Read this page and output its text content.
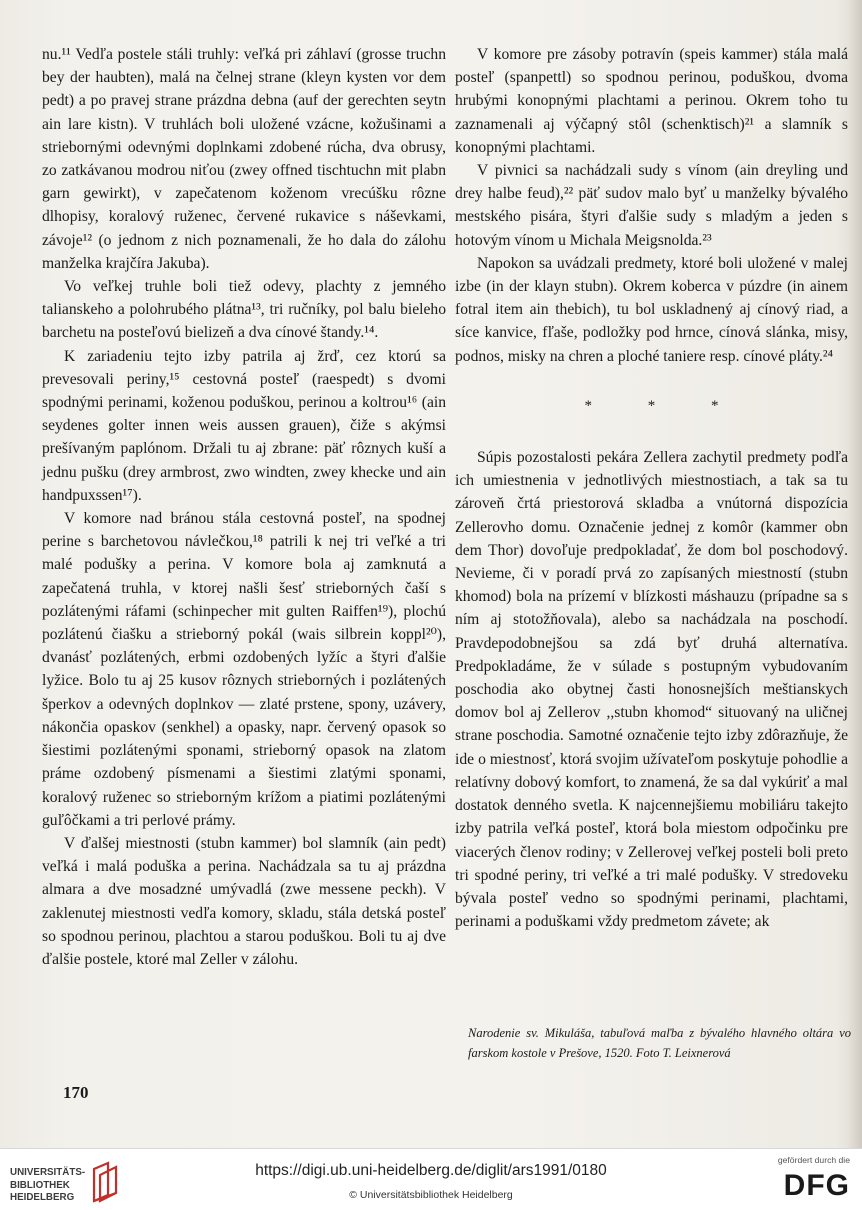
nu.¹¹ Vedľa postele stáli truhly: veľká pri záhlaví (grosse truchn bey der haubten), malá na čelnej strane (kleyn kysten vor dem pedt) a po pravej strane prázdna debna (auf der gerechten seytn ain lare kistn). V truhlách boli uložené vzácne, kožušinami a striebornými odevnými doplnkami zdobené rúcha, dva obrusy, zo zatkávanou modrou niťou (zwey offned tischtuchn mit plabn garn gewirkt), v zapečatenom koženom vrecúšku rôzne dlhopisy, koralový ruženec, červené rukavice s náševkami, závoje¹² (o jednom z nich poznamenali, že ho dala do zálohu manželka krajčíra Jakuba).

Vo veľkej truhle boli tiež odevy, plachty z jemného talianskeho a polohrubého plátna¹³, tri ručníky, pol balu bieleho barchetu na posteľovú bielizeň a dva cínové štandy.¹⁴.

K zariadeniu tejto izby patrila aj žrď, cez ktorú sa prevesovali periny,¹⁵ cestovná posteľ (raespedt) s dvomi spodnými perinami, koženou poduškou, perinou a koltrou¹⁶ (ain seydenes golter innen weis aussen grauen), čiže s akýmsi prešívaným paplónom. Držali tu aj zbrane: päť rôznych kuší a jednu pušku (drey armbrost, zwo windten, zwey khecke und ain handpuxssen¹⁷).

V komore nad bránou stála cestovná posteľ, na spodnej perine s barchetovou návlečkou,¹⁸ patrili k nej tri veľké a tri malé podušky a perina. V komore bola aj zamknutá a zapečatená truhla, v ktorej našli šesť strieborných čaší s pozlátenými ráfami (schinpecher mit gulten Raiffen¹⁹), plochú pozlátenú čiašku a strieborný pokál (wais silbrein koppl²⁰), dvanásť pozlátených, erbmi ozdobených lyžíc a štyri ďalšie lyžice. Bolo tu aj 25 kusov rôznych strieborných i pozlátených šperkov a odevných doplnkov — zlaté prstene, spony, uzávery, nákončia opaskov (senkhel) a opasky, napr. červený opasok so šiestimi pozlátenými sponami, strieborný opasok na zlatom práme ozdobený písmenami a šiestimi zlatými sponami, koralový ruženec so strieborným krížom a piatimi pozlátenými guľôčkami a tri perlové prámy.

V ďalšej miestnosti (stubn kammer) bol slamník (ain pedt) veľká i malá poduška a perina. Nachádzala sa tu aj prázdna almara a dve mosadzné umývadlá (zwe messene peckh). V zaklenutej miestnosti vedľa komory, skladu, stála detská posteľ so spodnou perinou, plachtou a starou poduškou. Boli tu aj dve ďalšie postele, ktoré mal Zeller v zálohu.

V komore pre zásoby potravín (speis kammer) stála malá posteľ (spanpettl) so spodnou perinou, poduškou, dvoma hrubými konopnými plachtami a perinou. Okrem toho tu zaznamenali aj výčapný stôl (schenktisch)²¹ a slamník s konopnými plachtami.

V pivnici sa nachádzali sudy s vínom (ain dreyling und drey halbe feud),²² päť sudov malo byť u manželky bývalého mestského pisára, štyri ďalšie sudy s mladým a jeden s hotovým vínom u Michala Meigsnolda.²³

Napokon sa uvádzali predmety, ktoré boli uložené v malej izbe (in der klayn stubn). Okrem koberca v púzdre (in ainem fotral item ain thebich), tu bol uskladnený aj cínový riad, a síce kanvice, fľaše, podložky pod hrnce, cínová slánka, misy, podnos, misky na chren a ploché taniere resp. cínové pláty.²⁴

* * *

Súpis pozostalosti pekára Zellera zachytil predmety podľa ich umiestnenia v jednotlivých miestnostiach, a tak sa tu zároveň črtá priestorová skladba a vnútorná dispozícia Zellerovho domu. Označenie jednej z komôr (kammer obn dem Thor) dovoľuje predpokladať, že dom bol poschodový. Nevieme, či v poradí prvá zo zapísaných miestností (stubn khomod) bola na prízemí v blízkosti máshauzu (prípadne sa s ním aj stotožňovala), alebo sa nachádzala na poschodí. Pravdepodobnejšou sa zdá byť druhá alternatíva. Predpokladáme, že v súlade s postupným vybudovaním poschodia ako obytnej časti honosnejších meštianskych domov bol aj Zellerov ,,stubn khomod“ situovaný na uličnej strane poschodia. Samotné označenie tejto izby zdôrazňuje, že ide o miestnosť, ktorá svojim užívateľom poskytuje pohodlie a relatívny dobový komfort, to znamená, že sa dal vykúriť a mal dostatok denného svetla. K najcennejšiemu mobiliáru takejto izby patrila veľká posteľ, ktorá bola miestom odpočinku pre viacerých členov rodiny; v Zellerovej veľkej posteli boli preto tri spodné periny, tri veľké a tri malé podušky. V stredoveku bývala posteľ vedno so spodnými perinami, plachtami, perinami a poduškami vždy predmetom závete; ak

Narodenie sv. Mikuláša, tabuľová maľba z bývalého hlavného oltára vo farskom kostole v Prešove, 1520. Foto T. Leixnerová
170
UNIVERSITÄTS-
BIBLIOTHEK
HEIDELBERG
https://digi.ub.uni-heidelberg.de/diglit/ars1991/0180
© Universitätsbibliothek Heidelberg
gefördert durch die
DFG
